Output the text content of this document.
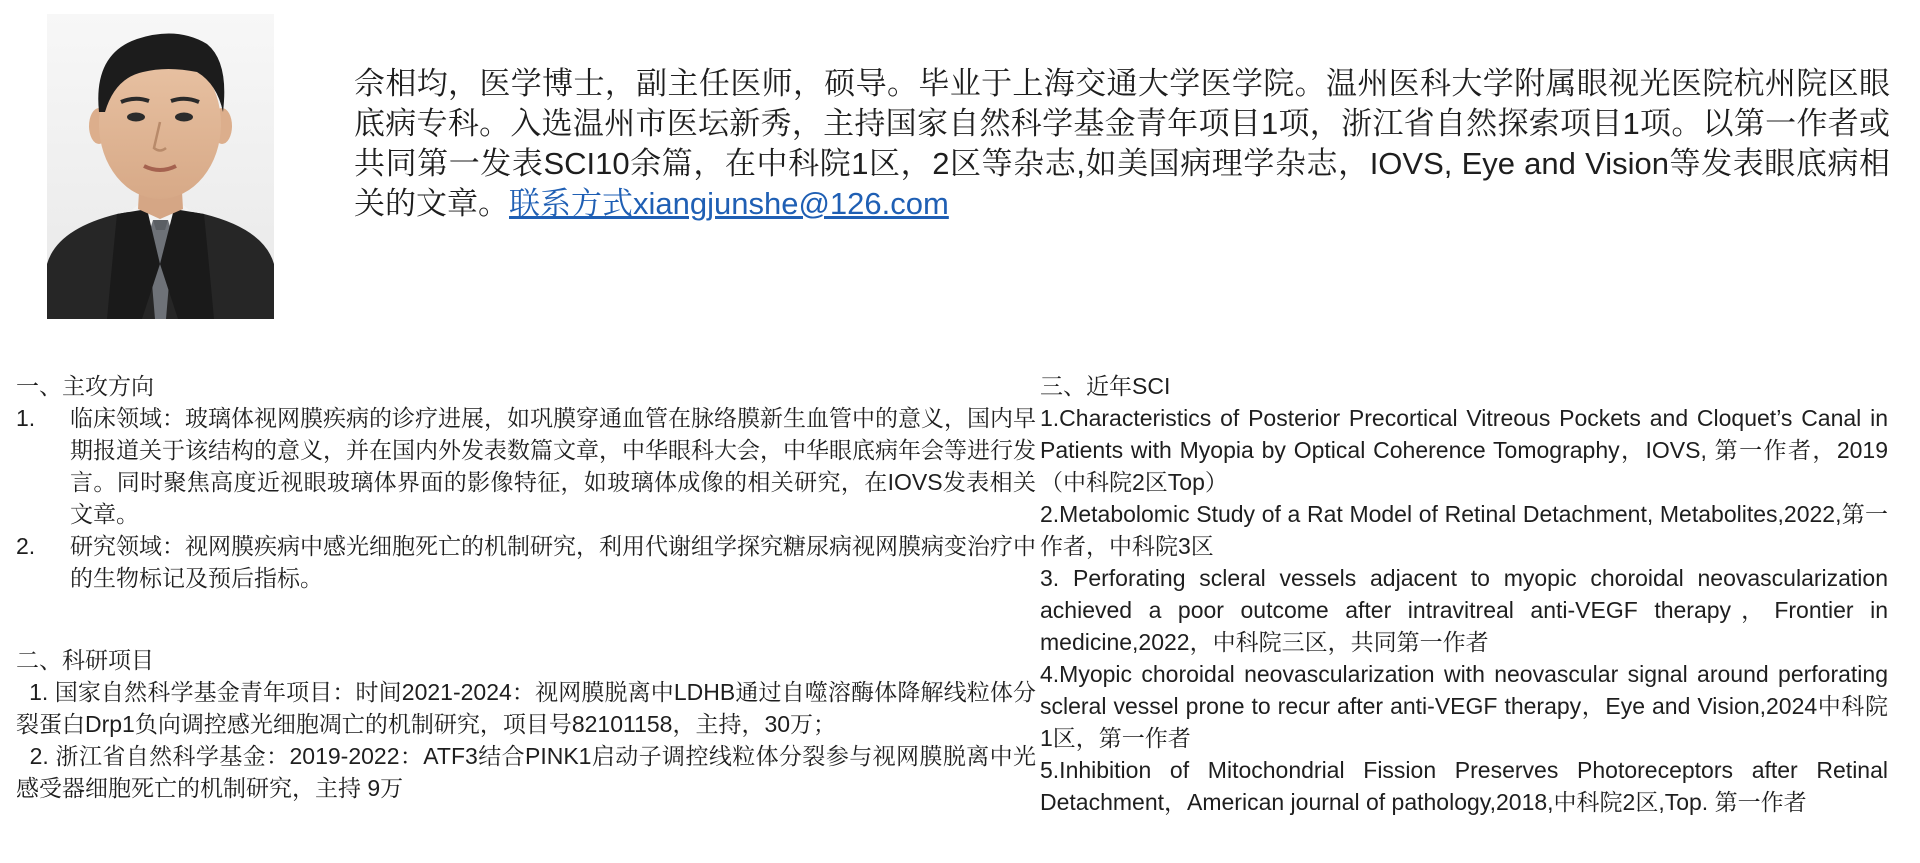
佘相均，医学博士，副主任医师，硕导。毕业于上海交通大学医学院。温州医科大学附属眼视光医院杭州院区眼底病专科。入选温州市医坛新秀，主持国家自然科学基金青年项目1项，浙江省自然探索项目1项。以第一作者或共同第一发表SCI10余篇，在中科院1区，2区等杂志,如美国病理学杂志，IOVS, Eye and Vision等发表眼底病相关的文章。联系方式xiangjunshe@126.com
一、主攻方向
1.	临床领域：玻璃体视网膜疾病的诊疗进展，如巩膜穿通血管在脉络膜新生血管中的意义，国内早期报道关于该结构的意义，并在国内外发表数篇文章，中华眼科大会，中华眼底病年会等进行发言。同时聚焦高度近视眼玻璃体界面的影像特征，如玻璃体成像的相关研究，在IOVS发表相关文章。
2.	研究领域：视网膜疾病中感光细胞死亡的机制研究，利用代谢组学探究糖尿病视网膜病变治疗中的生物标记及预后指标。
二、科研项目
1. 国家自然科学基金青年项目：时间2021-2024：视网膜脱离中LDHB通过自噬溶酶体降解线粒体分裂蛋白Drp1负向调控感光细胞凋亡的机制研究，项目号82101158，主持，30万；
2. 浙江省自然科学基金：2019-2022：ATF3结合PINK1启动子调控线粒体分裂参与视网膜脱离中光感受器细胞死亡的机制研究，主持 9万
三、近年SCI
1.Characteristics of Posterior Precortical Vitreous Pockets and Cloquet’s Canal in Patients with Myopia by Optical Coherence Tomography，IOVS, 第一作者，2019（中科院2区Top）
2.Metabolomic Study of a Rat Model of Retinal Detachment, Metabolites,2022,第一作者，中科院3区
3. Perforating scleral vessels adjacent to myopic choroidal neovascularization achieved a poor outcome after intravitreal anti-VEGF therapy，Frontier in medicine,2022，中科院三区，共同第一作者
4.Myopic choroidal neovascularization with neovascular signal around perforating scleral vessel prone to recur after anti-VEGF therapy，Eye and Vision,2024中科院1区，第一作者
5.Inhibition of Mitochondrial Fission Preserves Photoreceptors after Retinal Detachment，American journal of pathology,2018,中科院2区,Top. 第一作者
